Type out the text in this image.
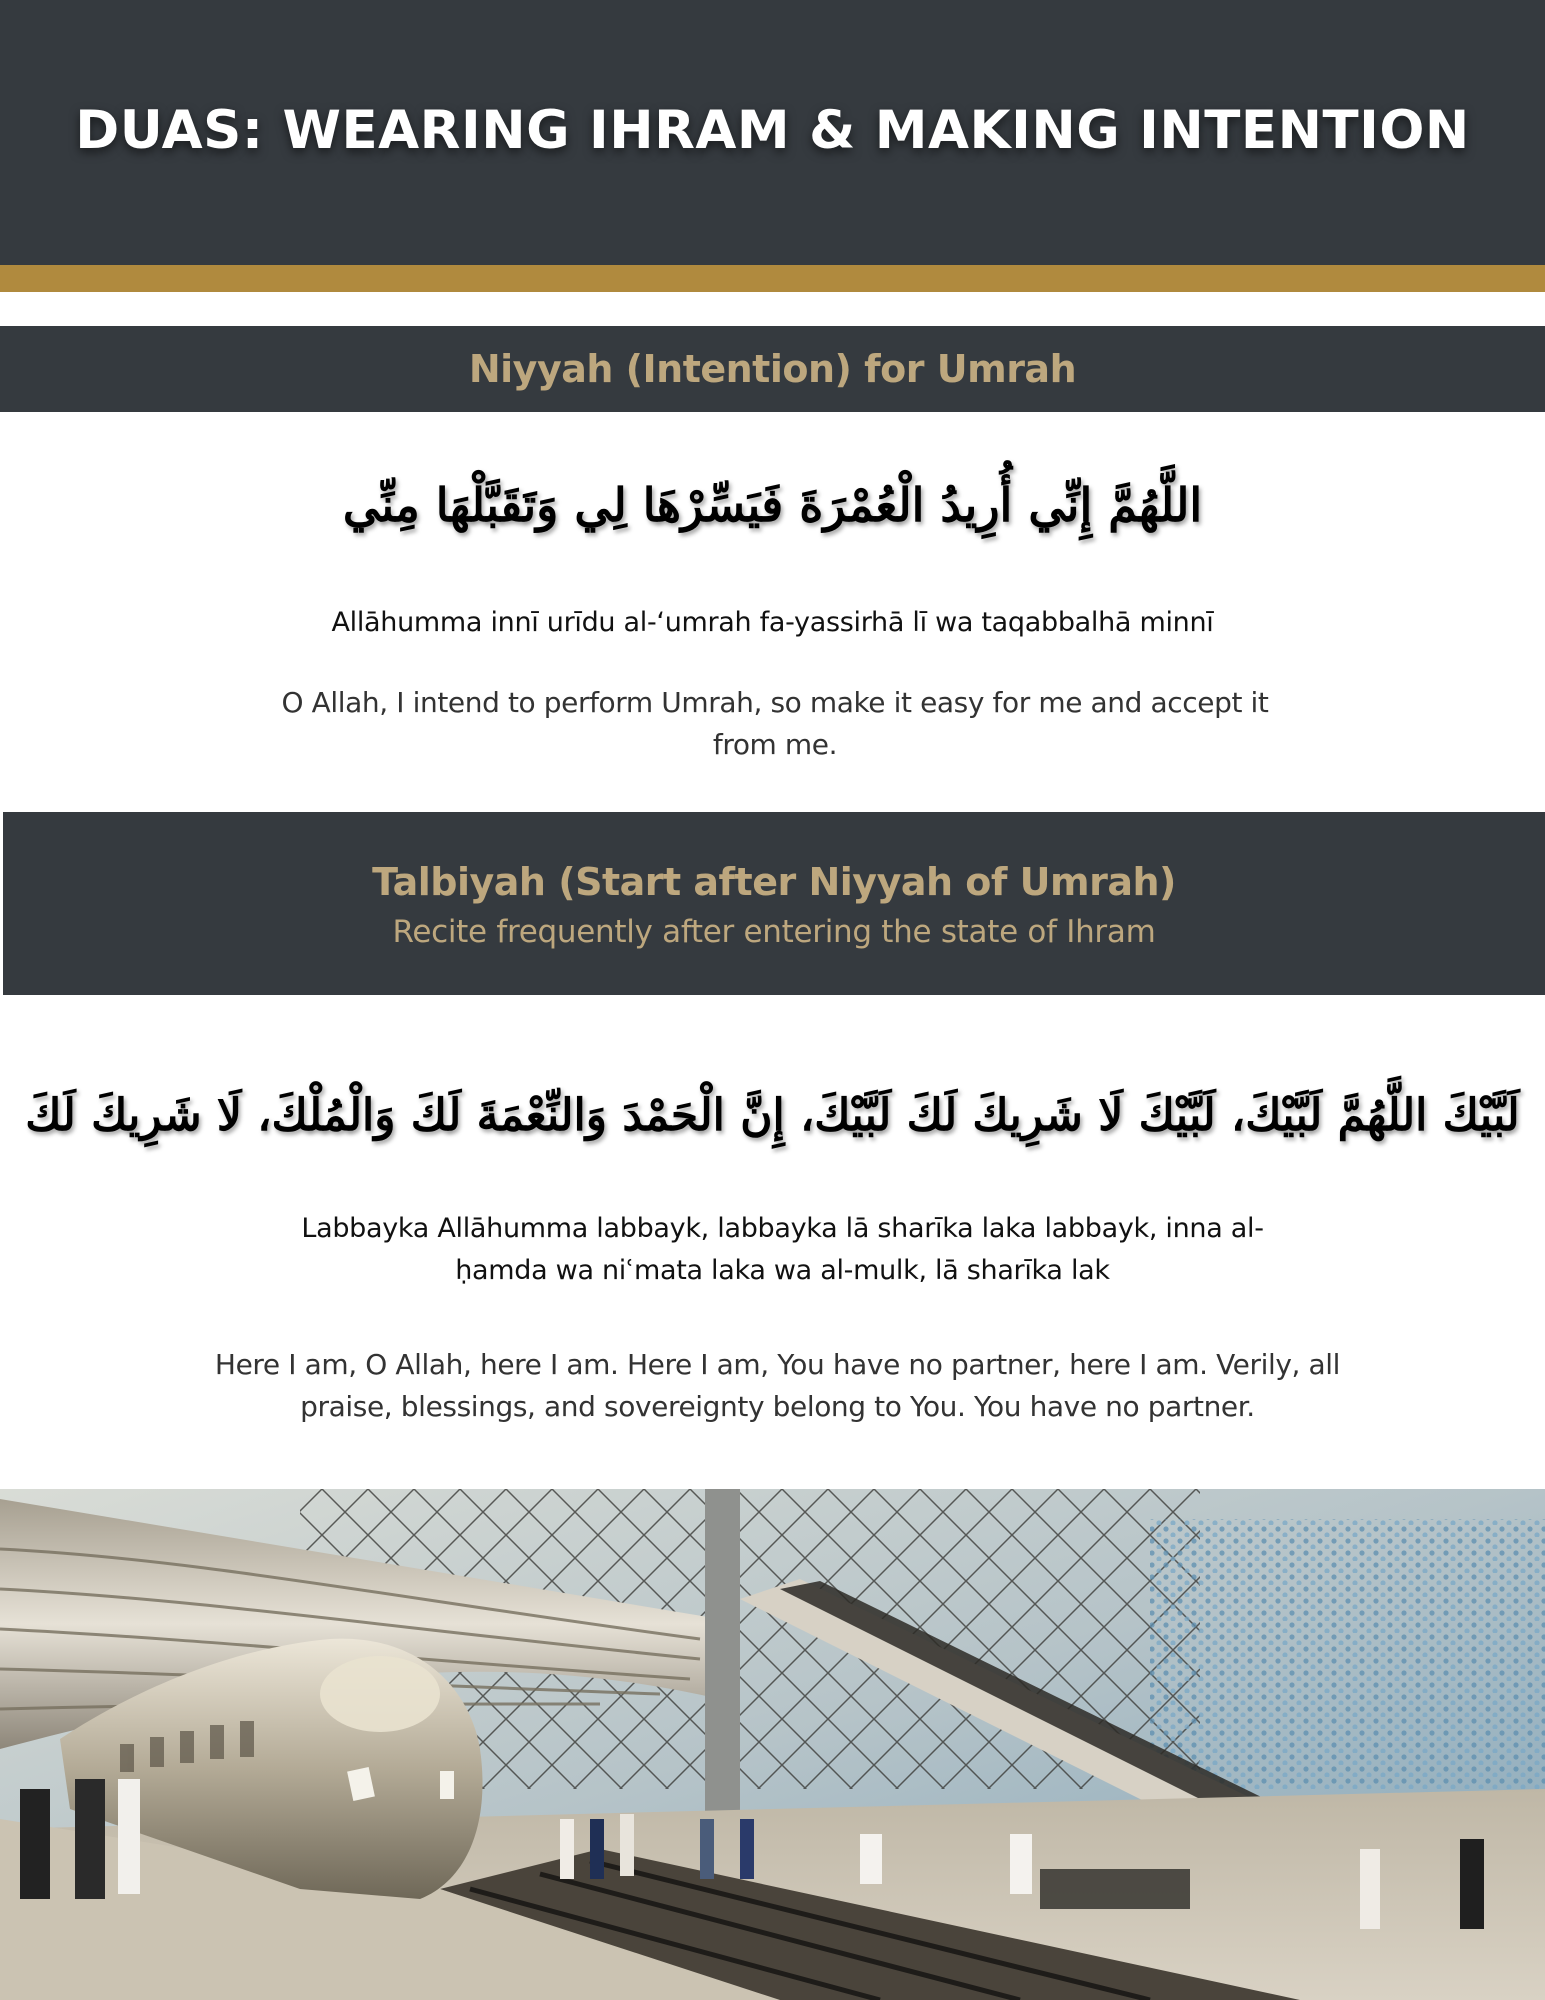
DUAS: WEARING IHRAM & MAKING INTENTION
Niyyah (Intention) for Umrah
اللَّهُمَّ إِنِّي أُرِيدُ الْعُمْرَةَ فَيَسِّرْهَا لِي وَتَقَبَّلْهَا مِنِّي
Allāhumma innī urīdu al-‘umrah fa-yassirhā lī wa taqabbalhā minnī
O Allah, I intend to perform Umrah, so make it easy for me and accept it from me.
Talbiyah (Start after Niyyah of Umrah)
Recite frequently after entering the state of Ihram
لَبَّيْكَ اللَّهُمَّ لَبَّيْكَ، لَبَّيْكَ لَا شَرِيكَ لَكَ لَبَّيْكَ، إِنَّ الْحَمْدَ وَالنِّعْمَةَ لَكَ وَالْمُلْكَ، لَا شَرِيكَ لَكَ
Labbayka Allāhumma labbayk, labbayka lā sharīka laka labbayk, inna al-ḥamda wa niʿmata laka wa al-mulk, lā sharīka lak
Here I am, O Allah, here I am. Here I am, You have no partner, here I am. Verily, all praise, blessings, and sovereignty belong to You. You have no partner.
